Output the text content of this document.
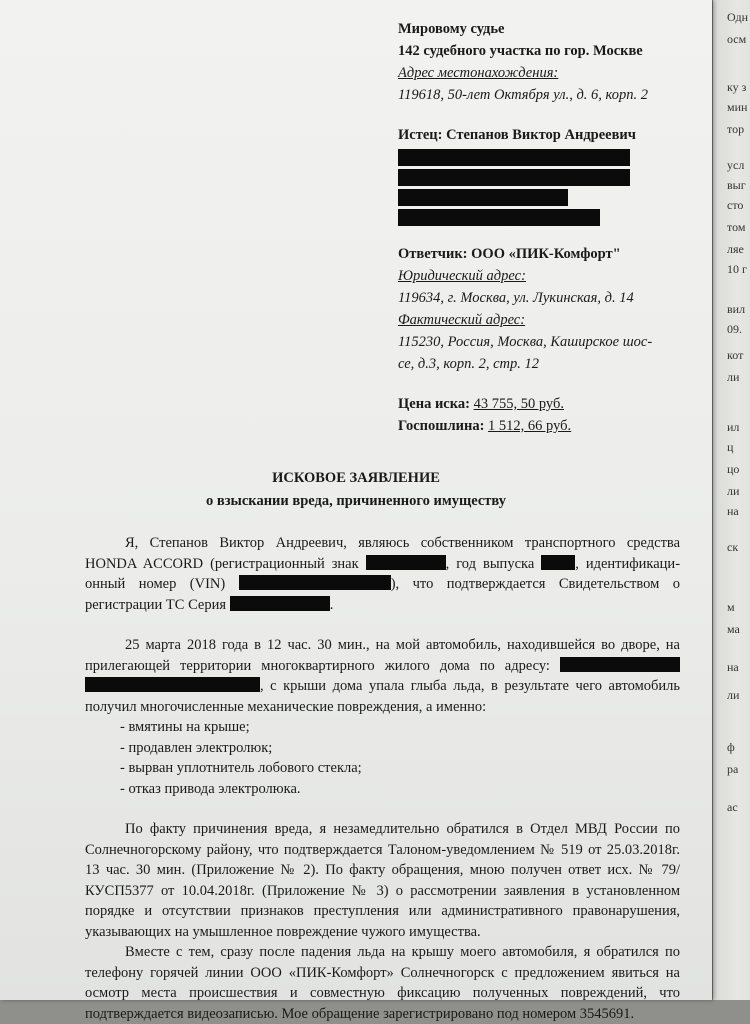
Одн
осм
ку з
мин
тор
усл
выг
сто
том
ляе
10 г
вил
09.
кот
ли
ил
ц
цо
ли
на
ск
м
ма
на
ли
ф
ра
ас
Мировому судье
142 судебного участка по гор. Москве
Адрес местонахождения:
119618, 50-лет Октября ул., д. 6, корп. 2
Истец: Степанов Виктор Андреевич
Ответчик: ООО «ПИК-Комфорт"
Юридический адрес:
119634, г. Москва, ул. Лукинская, д. 14
Фактический адрес:
115230, Россия, Москва, Каширское шос-
се, д.3, корп. 2, стр. 12
Цена иска: 43 755, 50 руб.
Госпошлина: 1 512, 66 руб.
ИСКОВОЕ ЗАЯВЛЕНИЕ
о взыскании вреда, причиненного имуществу

Я, Степанов Виктор Андреевич, являюсь собственником транспортного средства HONDA ACCORD (регистрационный знак	, год выпуска	, идентификаци-онный номер (VIN)	), что подтверждается Свидетельством о регистрации ТС Серия	.

25 марта 2018 года в 12 час. 30 мин., на мой автомобиль, находившейся во дворе, на прилегающей территории многоквартирного жилого дома по адресу:  , с крыши дома упала глыба льда, в результате чего автомобиль получил многочисленные механические повреждения, а именно:

- вмятины на крыше;
- продавлен электролюк;
- вырван уплотнитель лобового стекла;
- отказ привода электролюка.

По факту причинения вреда, я незамедлительно обратился в Отдел МВД России по Солнечногорскому району, что подтверждается Талоном-уведомлением № 519 от 25.03.2018г. 13 час. 30 мин. (Приложение № 2). По факту обращения, мною получен ответ исх. № 79/КУСП5377 от 10.04.2018г. (Приложение № 3) о рассмотрении заявления в установленном порядке и отсутствии признаков преступления или административного правонарушения, указывающих на умышленное повреждение чужого имущества.

Вместе с тем, сразу после падения льда на крышу моего автомобиля, я обратился по телефону горячей линии ООО «ПИК-Комфорт» Солнечногорск с предложением явиться на осмотр места происшествия и совместную фиксацию полученных повреждений, что подтверждается видеозаписью. Мое обращение зарегистрировано под номером 3545691.
